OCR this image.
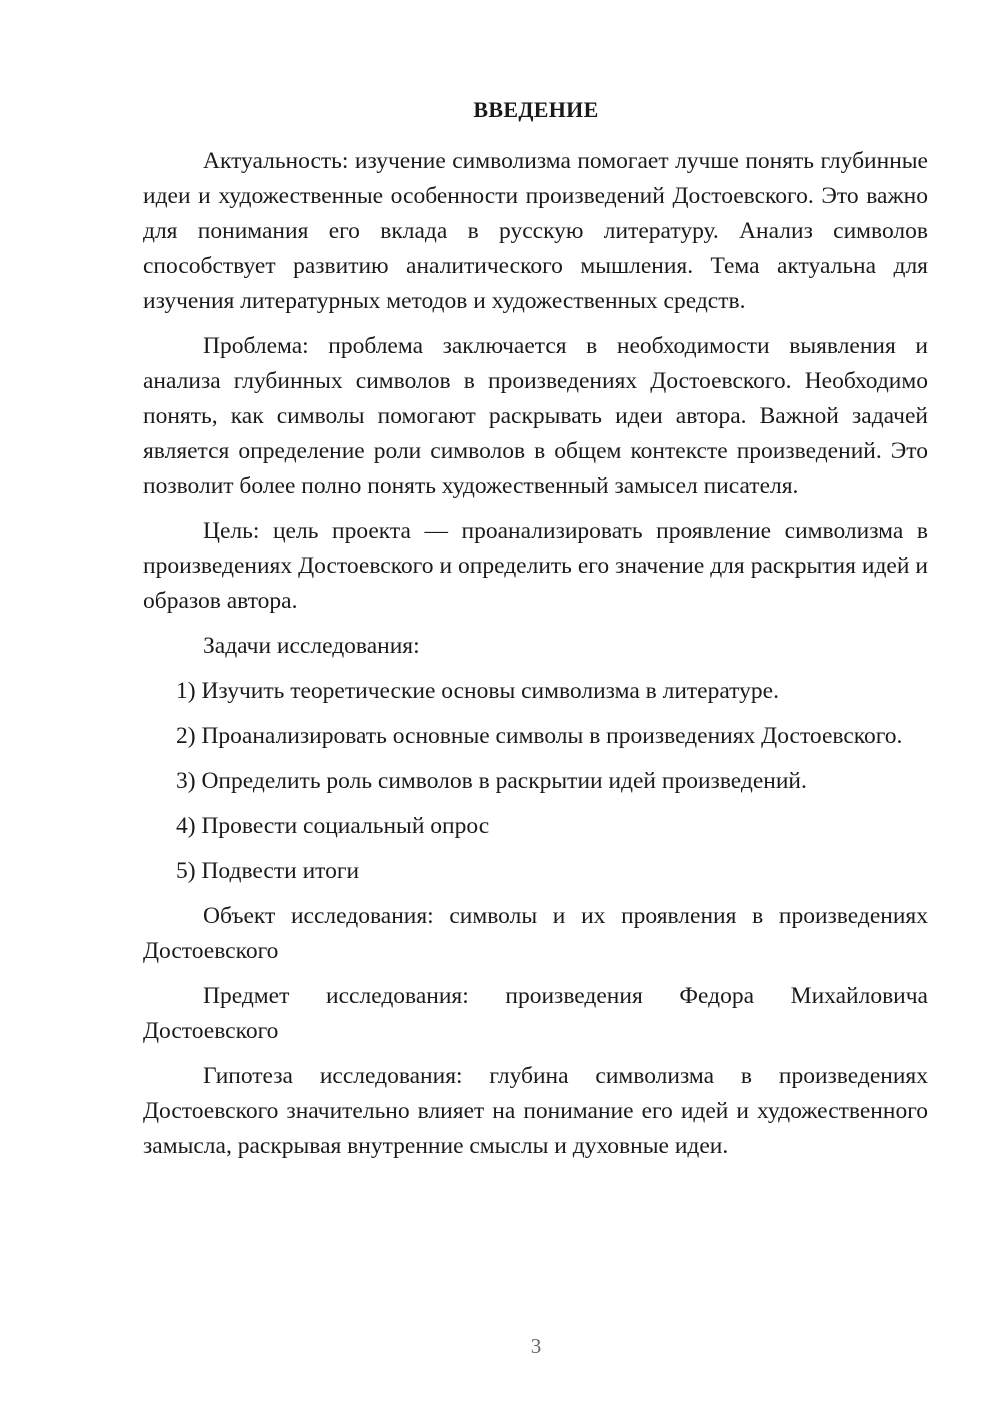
ВВЕДЕНИЕ

Актуальность: изучение символизма помогает лучше понять глубинные идеи и художественные особенности произведений Достоевского. Это важно для понимания его вклада в русскую литературу. Анализ символов способствует развитию аналитического мышления. Тема актуальна для изучения литературных методов и художественных средств.

Проблема: проблема заключается в необходимости выявления и анализа глубинных символов в произведениях Достоевского. Необходимо понять, как символы помогают раскрывать идеи автора. Важной задачей является определение роли символов в общем контексте произведений. Это позволит более полно понять художественный замысел писателя.

Цель: цель проекта — проанализировать проявление символизма в произведениях Достоевского и определить его значение для раскрытия идей и образов автора.

Задачи исследования:

1) Изучить теоретические основы символизма в литературе.

2) Проанализировать основные символы в произведениях Достоевского.

3) Определить роль символов в раскрытии идей произведений.

4) Провести социальный опрос

5) Подвести итоги

Объект исследования: символы и их проявления в произведениях Достоевского

Предмет исследования: произведения Федора Михайловича Достоевского

Гипотеза исследования: глубина символизма в произведениях Достоевского значительно влияет на понимание его идей и художественного замысла, раскрывая внутренние смыслы и духовные идеи.

3
